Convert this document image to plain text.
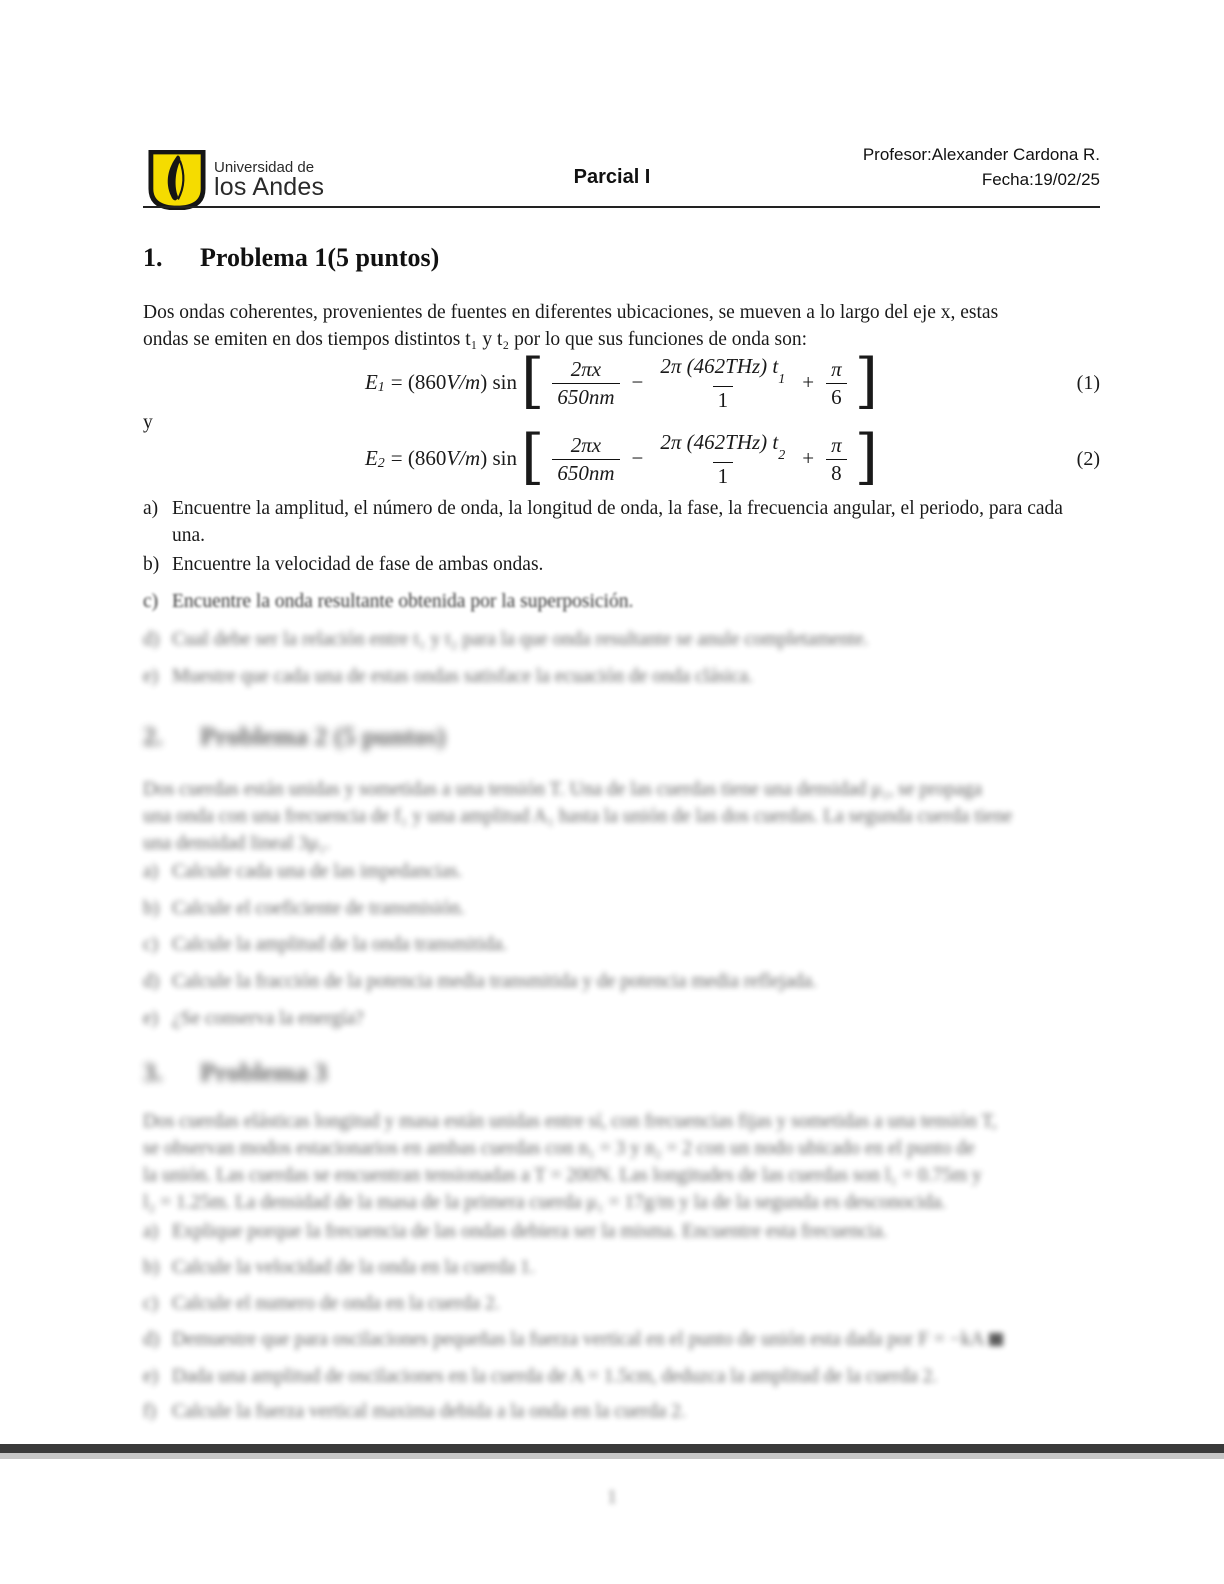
Universidad de
los Andes	Parcial I
Profesor:Alexander Cardona R.
Fecha:19/02/25
1.	Problema 1(5 puntos)
Dos ondas coherentes, provenientes de fuentes en diferentes ubicaciones, se mueven a lo largo del eje x, estas
ondas se emiten en dos tiempos distintos t₁ y t₂ por lo que sus funciones de onda son:
$E_1 = (860$ V/m ) sin [ $\frac{2\pi x}{650nm} - \frac{2\pi (462THz) t_1}{1} + \frac{\pi}{6}$ ]	(1)
y
$E_2 = (860$ V/m ) sin [ $\frac{2\pi x}{650nm} - \frac{2\pi (462THz) t_2}{1} + \frac{\pi}{8}$ ]	(2)
a) Encuentre la amplitud, el número de onda, la longitud de onda, la fase, la frecuencia angular, el periodo, para cada una.
b) Encuentre la velocidad de fase de ambas ondas.
c) Encuentre la onda resultante obtenida por la superposición.
d) Cual debe ser la relación entre t₁ y t₂ para la que onda resultante se anule completamente.
e) Muestre que cada una de estas ondas satisface la ecuación de onda clásica.
2.	Problema 2 (5 puntos)
Dos cuerdas están unidas y sometidas a una tensión T. Una de las cuerdas tiene una densidad μ₁, se propaga
una onda con una frecuencia de f₁ y una amplitud A₁ hasta la unión de las dos cuerdas. La segunda cuerda tiene
una densidad lineal 3μ₁.
a) Calcule cada una de las impedancias.
b) Calcule el coeficiente de transmisión.
c) Calcule la amplitud de la onda transmitida.
d) Calcule la fracción de la potencia media transmitida y de potencia media reflejada.
e) ¿Se conserva la energía?
3.	Problema 3
Dos cuerdas elásticas longitud y masa están unidas entre sí, con frecuencias fijas y sometidas a una tensión T,
se observan modos estacionarios en ambas cuerdas con n₁ = 3 y n₂ = 2 con un nodo ubicado en el punto de
la unión. Las cuerdas se encuentran tensionadas a T = 200N. Las longitudes de las cuerdas son l₁ = 0.75m y
l₂ = 1.25m. La densidad de la masa de la primera cuerda μ₁ = 17g/m y la de la segunda es desconocida.
a) Explique porque la frecuencia de las ondas debiera ser la misma. Encuentre esta frecuencia.
b) Calcule la velocidad de la onda en la cuerda 1.
c) Calcule el numero de onda en la cuerda 2.
d) Demuestre que para oscilaciones pequeñas la fuerza vertical en el punto de unión esta dada por F = −kA
e) Dada una amplitud de oscilaciones en la cuerda de A = 1.5cm, deduzca la amplitud de la cuerda 2.
f) Calcule la fuerza vertical maxima debida a la onda en la cuerda 2.
1
